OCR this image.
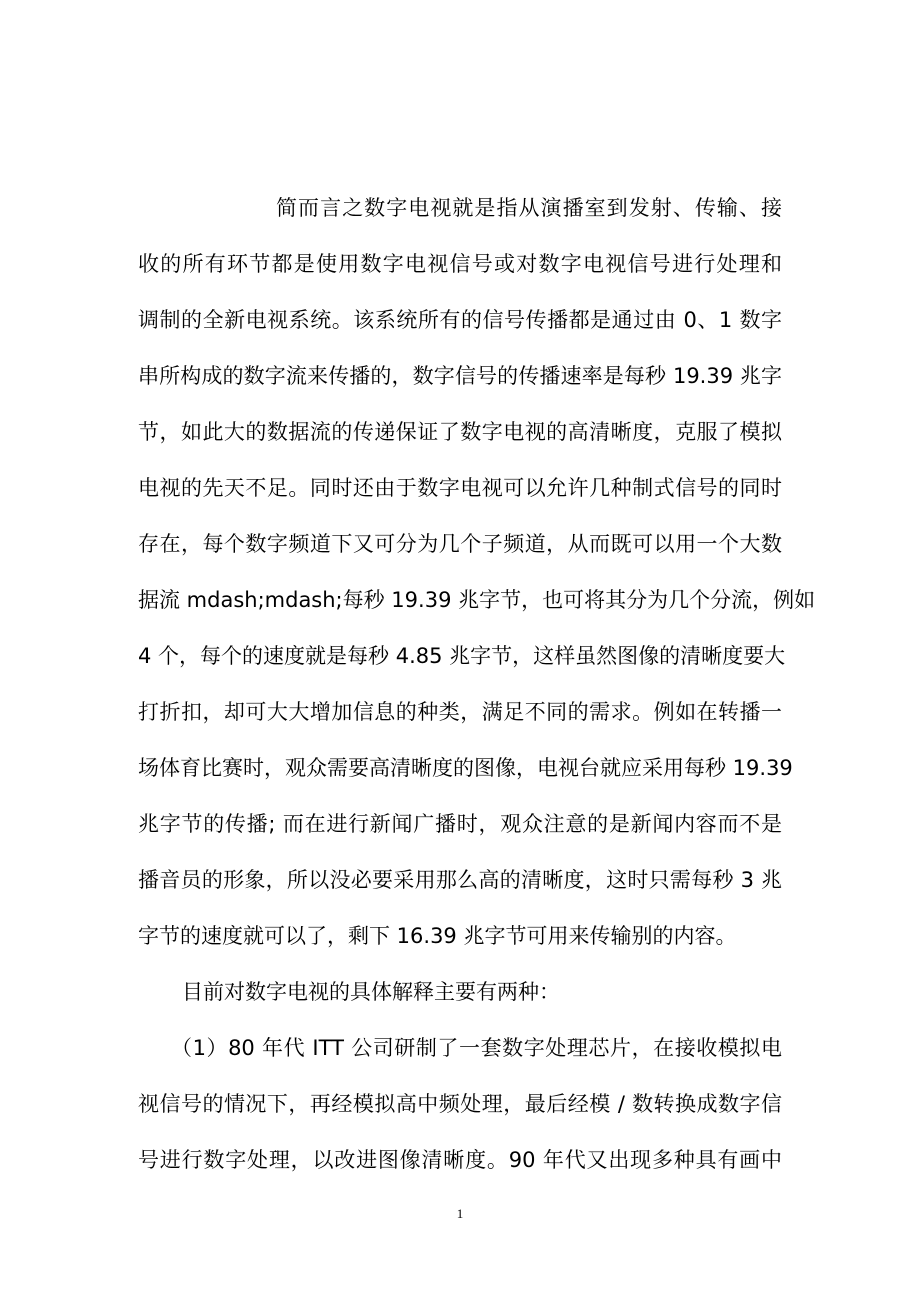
简而言之数字电视就是指从演播室到发射、传输、接
收的所有环节都是使用数字电视信号或对数字电视信号进行处理和
调制的全新电视系统。该系统所有的信号传播都是通过由 0、1 数字
串所构成的数字流来传播的，数字信号的传播速率是每秒 19.39 兆字
节，如此大的数据流的传递保证了数字电视的高清晰度，克服了模拟
电视的先天不足。同时还由于数字电视可以允许几种制式信号的同时
存在，每个数字频道下又可分为几个子频道，从而既可以用一个大数
据流 mdash;mdash;每秒 19.39 兆字节，也可将其分为几个分流，例如
4 个，每个的速度就是每秒 4.85 兆字节，这样虽然图像的清晰度要大
打折扣，却可大大增加信息的种类，满足不同的需求。例如在转播一
场体育比赛时，观众需要高清晰度的图像，电视台就应采用每秒 19.39
兆字节的传播; 而在进行新闻广播时，观众注意的是新闻内容而不是
播音员的形象，所以没必要采用那么高的清晰度，这时只需每秒 3 兆
字节的速度就可以了，剩下 16.39 兆字节可用来传输别的内容。
目前对数字电视的具体解释主要有两种：
（1）80 年代 ITT 公司研制了一套数字处理芯片，在接收模拟电
视信号的情况下，再经模拟高中频处理，最后经模 / 数转换成数字信
号进行数字处理，以改进图像清晰度。90 年代又出现多种具有画中
1
